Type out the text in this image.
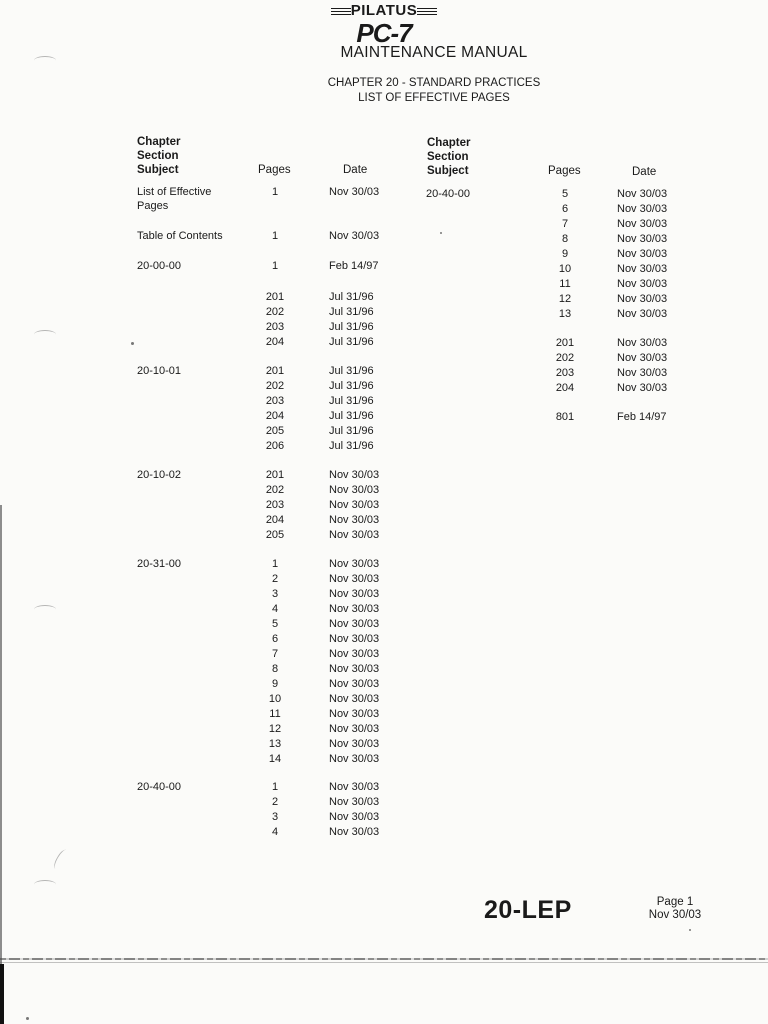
PILATUS
PC-7
MAINTENANCE MANUAL
CHAPTER 20 - STANDARD PRACTICES
LIST OF EFFECTIVE PAGES
Chapter
Section
Subject	Pages	Date
Chapter
Section
Subject	Pages	Date
List of Effective	1	Nov 30/03
Pages
Table of Contents	1	Nov 30/03
20-00-00	1	Feb 14/97
201	Jul 31/96
202	Jul 31/96
203	Jul 31/96
204	Jul 31/96
20-10-01	201	Jul 31/96
202	Jul 31/96
203	Jul 31/96
204	Jul 31/96
205	Jul 31/96
206	Jul 31/96
20-10-02	201	Nov 30/03
202	Nov 30/03
203	Nov 30/03
204	Nov 30/03
205	Nov 30/03
20-31-00	1	Nov 30/03
2	Nov 30/03
3	Nov 30/03
4	Nov 30/03
5	Nov 30/03
6	Nov 30/03
7	Nov 30/03
8	Nov 30/03
9	Nov 30/03
10	Nov 30/03
11	Nov 30/03
12	Nov 30/03
13	Nov 30/03
14	Nov 30/03
20-40-00	1	Nov 30/03
2	Nov 30/03
3	Nov 30/03
4	Nov 30/03
20-40-00	5	Nov 30/03
6	Nov 30/03
7	Nov 30/03
8	Nov 30/03
9	Nov 30/03
10	Nov 30/03
11	Nov 30/03
12	Nov 30/03
13	Nov 30/03
201	Nov 30/03
202	Nov 30/03
203	Nov 30/03
204	Nov 30/03
801	Feb 14/97
20-LEP	Page 1
Nov 30/03
